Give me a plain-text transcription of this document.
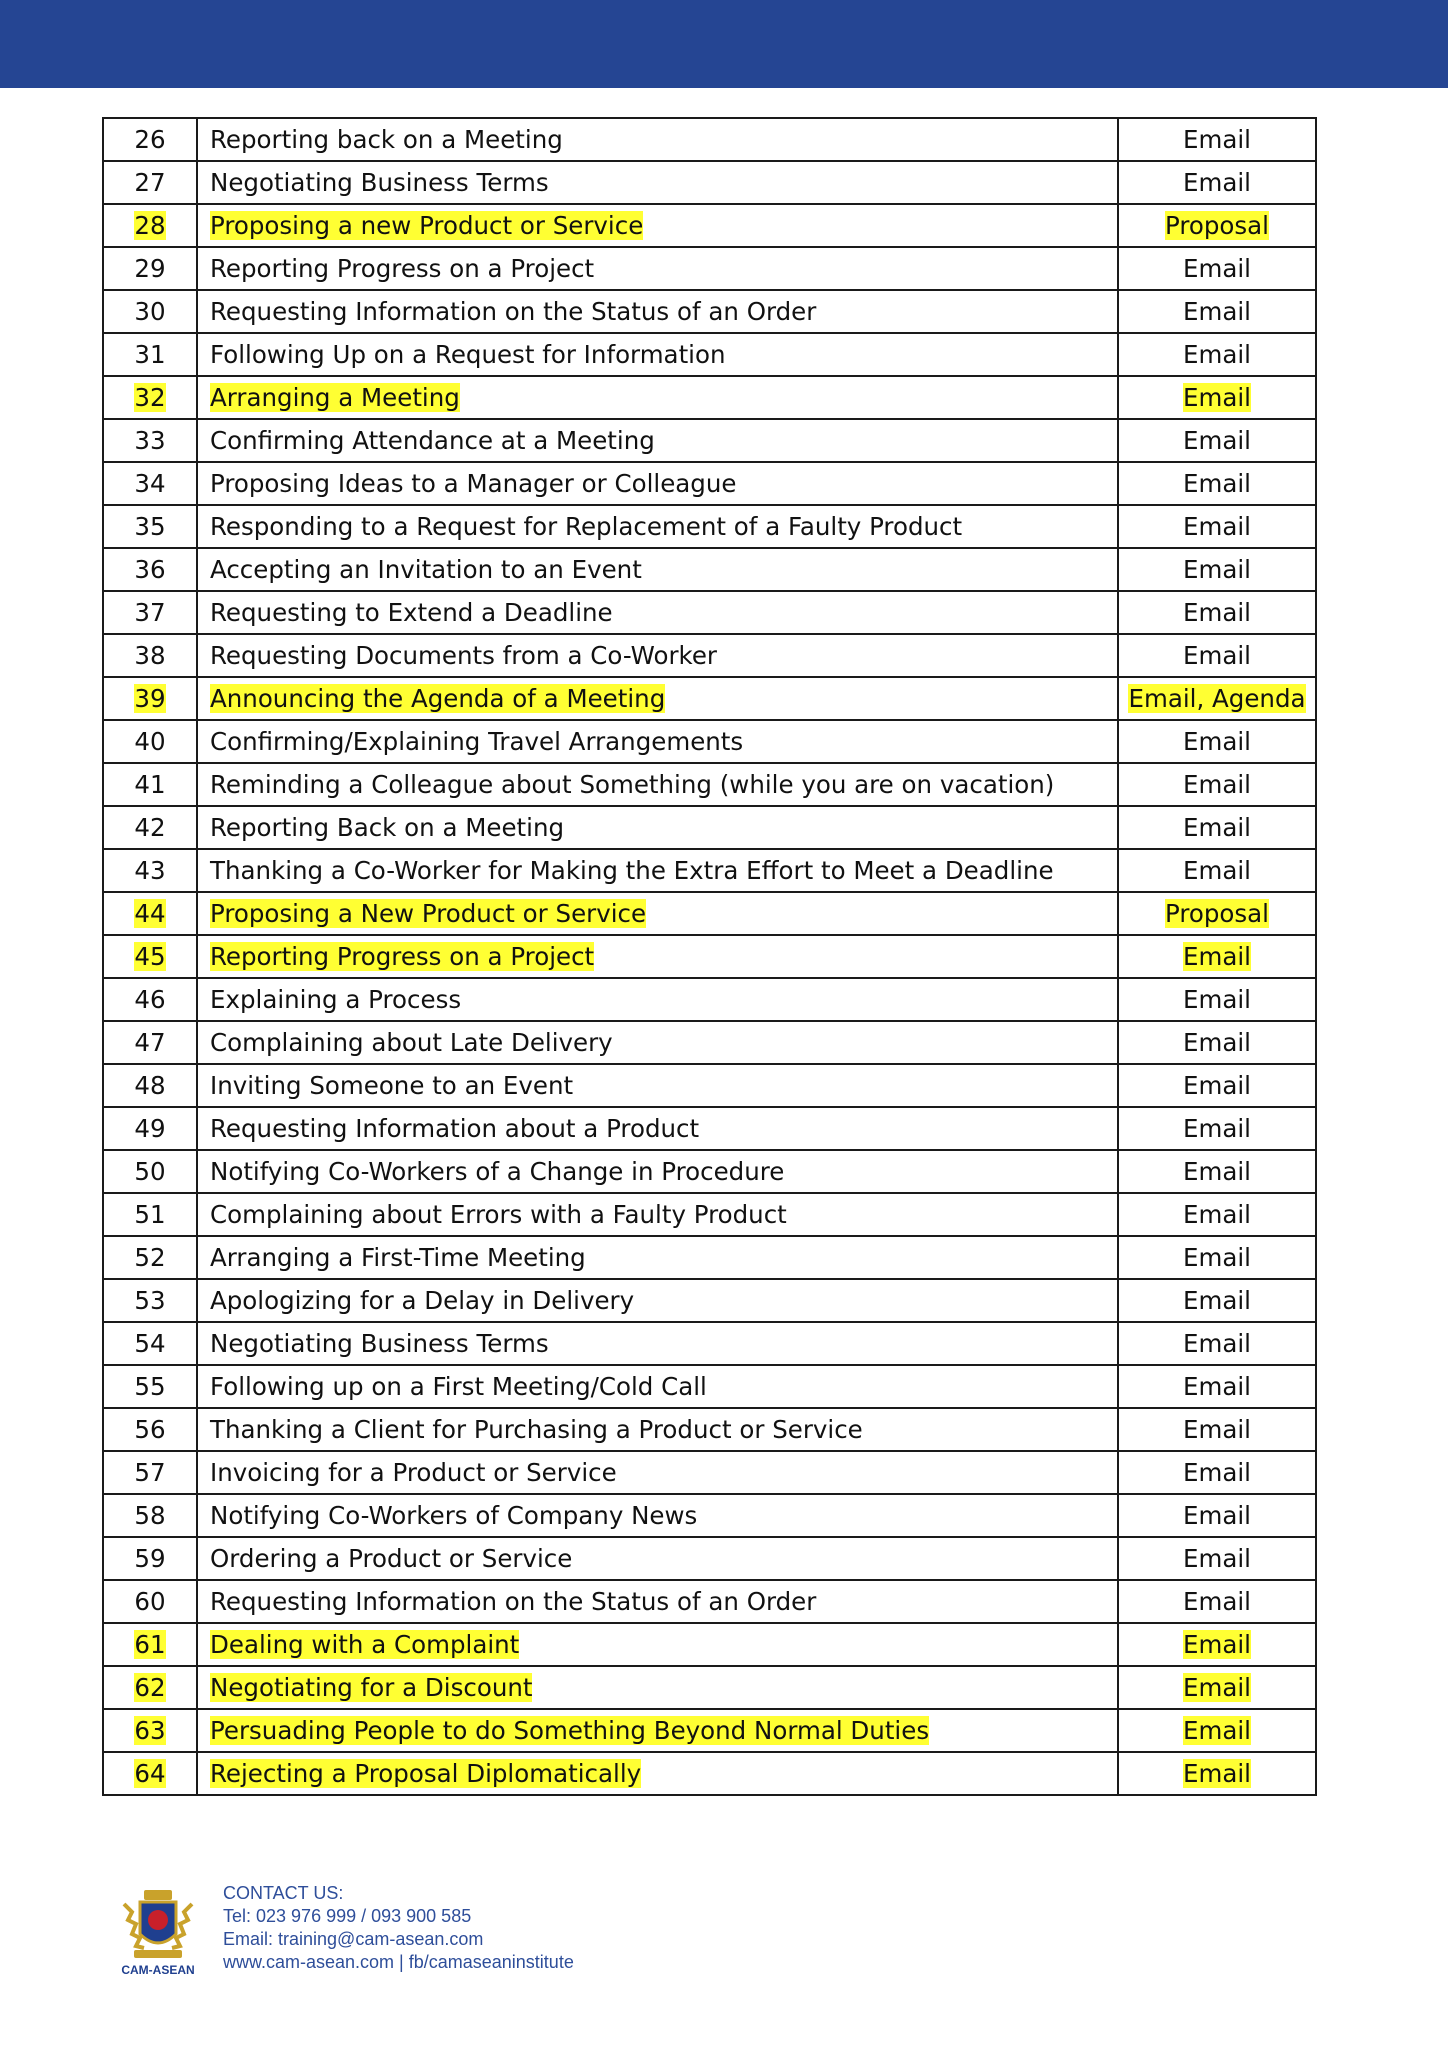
26	Reporting back on a Meeting	Email
27	Negotiating Business Terms	Email
28	Proposing a new Product or Service	Proposal
29	Reporting Progress on a Project	Email
30	Requesting Information on the Status of an Order	Email
31	Following Up on a Request for Information	Email
32	Arranging a Meeting	Email
33	Confirming Attendance at a Meeting	Email
34	Proposing Ideas to a Manager or Colleague	Email
35	Responding to a Request for Replacement of a Faulty Product	Email
36	Accepting an Invitation to an Event	Email
37	Requesting to Extend a Deadline	Email
38	Requesting Documents from a Co-Worker	Email
39	Announcing the Agenda of a Meeting	Email, Agenda
40	Confirming/Explaining Travel Arrangements	Email
41	Reminding a Colleague about Something (while you are on vacation)	Email
42	Reporting Back on a Meeting	Email
43	Thanking a Co-Worker for Making the Extra Effort to Meet a Deadline	Email
44	Proposing a New Product or Service	Proposal
45	Reporting Progress on a Project	Email
46	Explaining a Process	Email
47	Complaining about Late Delivery	Email
48	Inviting Someone to an Event	Email
49	Requesting Information about a Product	Email
50	Notifying Co-Workers of a Change in Procedure	Email
51	Complaining about Errors with a Faulty Product	Email
52	Arranging a First-Time Meeting	Email
53	Apologizing for a Delay in Delivery	Email
54	Negotiating Business Terms	Email
55	Following up on a First Meeting/Cold Call	Email
56	Thanking a Client for Purchasing a Product or Service	Email
57	Invoicing for a Product or Service	Email
58	Notifying Co-Workers of Company News	Email
59	Ordering a Product or Service	Email
60	Requesting Information on the Status of an Order	Email
61	Dealing with a Complaint	Email
62	Negotiating for a Discount	Email
63	Persuading People to do Something Beyond Normal Duties	Email
64	Rejecting a Proposal Diplomatically	Email
CAM-ASEAN
CONTACT US:
Tel: 023 976 999 / 093 900 585
Email: training@cam-asean.com
www.cam-asean.com | fb/camaseaninstitute
